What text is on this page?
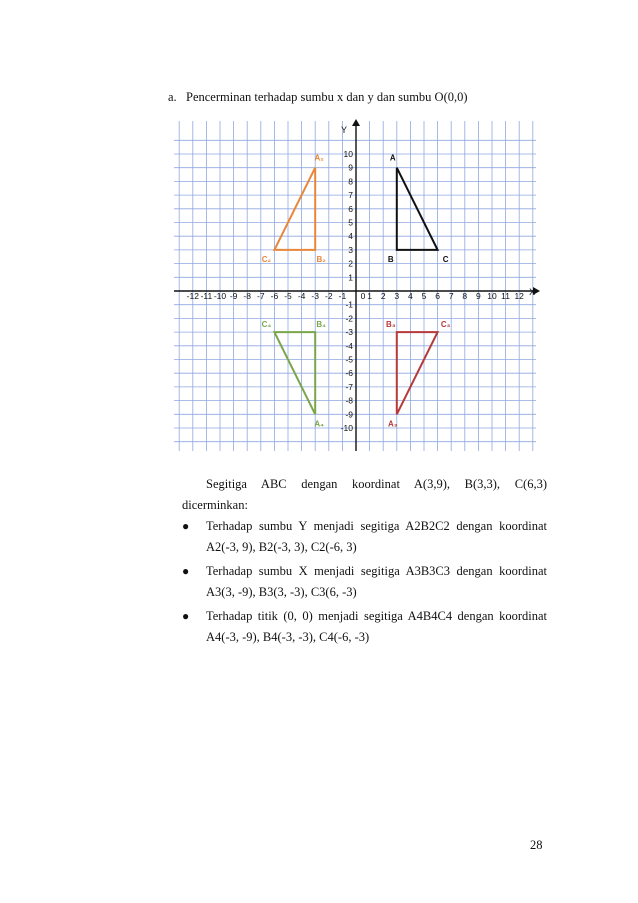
a. Pencerminan terhadap sumbu x dan y dan sumbu O(0,0)
X
Y
-12 -11 -10 -9 -8 -7 -6 -5 -4 -3 -2 -1 0 1 2 3 4 5 6 7 8 9 10 11 12
-10
-9
-8
-7
-6
-5
-4
-3
-2
-1
1
2
3
4
5
6
7
8
9
10	A
B	C
A₂
B₂
C₂
A₃
B₃	C₃
A₄
B₄
C₄
Segitiga ABC dengan koordinat A(3,9), B(3,3), C(6,3)
dicerminkan:
● Terhadap sumbu Y menjadi segitiga A2B2C2 dengan koordinat
A2(-3, 9), B2(-3, 3), C2(-6, 3)
● Terhadap sumbu X menjadi segitiga A3B3C3 dengan koordinat
A3(3, -9), B3(3, -3), C3(6, -3)
● Terhadap titik (0, 0) menjadi segitiga A4B4C4 dengan koordinat
A4(-3, -9), B4(-3, -3), C4(-6, -3)
28
